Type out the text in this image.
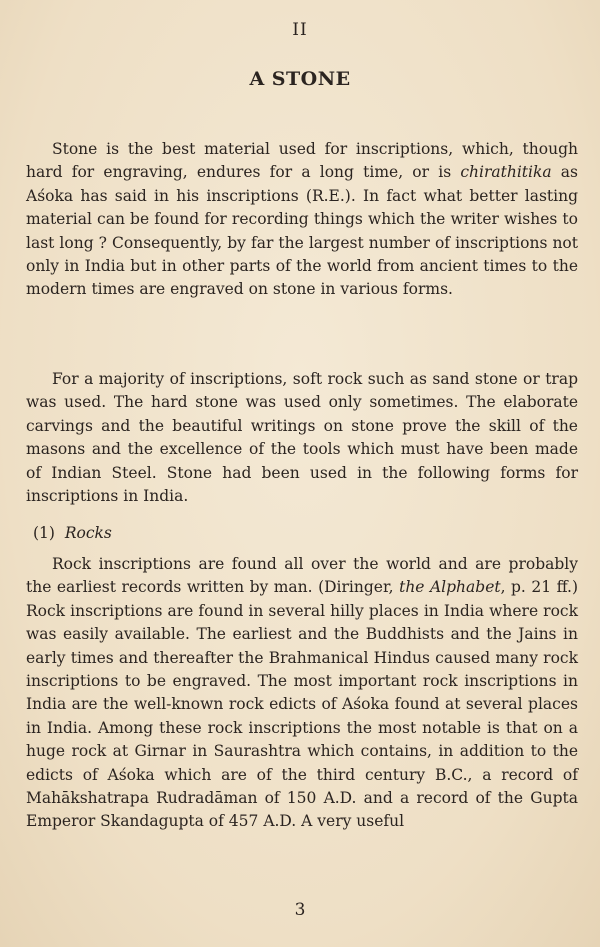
II
A STONE

Stone is the best material used for inscriptions, which, though hard for engraving, endures for a long time, or is chirathitika as Aśoka has said in his inscriptions (R.E.). In fact what better lasting material can be found for recording things which the writer wishes to last long ? Consequently, by far the largest number of inscriptions not only in India but in other parts of the world from ancient times to the modern times are engraved on stone in various forms.

For a majority of inscriptions, soft rock such as sand stone or trap was used. The hard stone was used only sometimes. The elaborate carvings and the beautiful writings on stone prove the skill of the masons and the excellence of the tools which must have been made of Indian Steel. Stone had been used in the following forms for inscriptions in India.

(1) Rocks

Rock inscriptions are found all over the world and are probably the earliest records written by man. (Diringer, the Alphabet, p. 21 ff.) Rock inscriptions are found in several hilly places in India where rock was easily available. The earliest and the Buddhists and the Jains in early times and thereafter the Brahmanical Hindus caused many rock inscriptions to be engraved. The most important rock inscriptions in India are the well-known rock edicts of Aśoka found at several places in India. Among these rock inscriptions the most notable is that on a huge rock at Girnar in Saurashtra which contains, in addition to the edicts of Aśoka which are of the third century B.C., a record of Mahākshatrapa Rudradāman of 150 A.D. and a record of the Gupta Emperor Skandagupta of 457 A.D. A very useful

3
